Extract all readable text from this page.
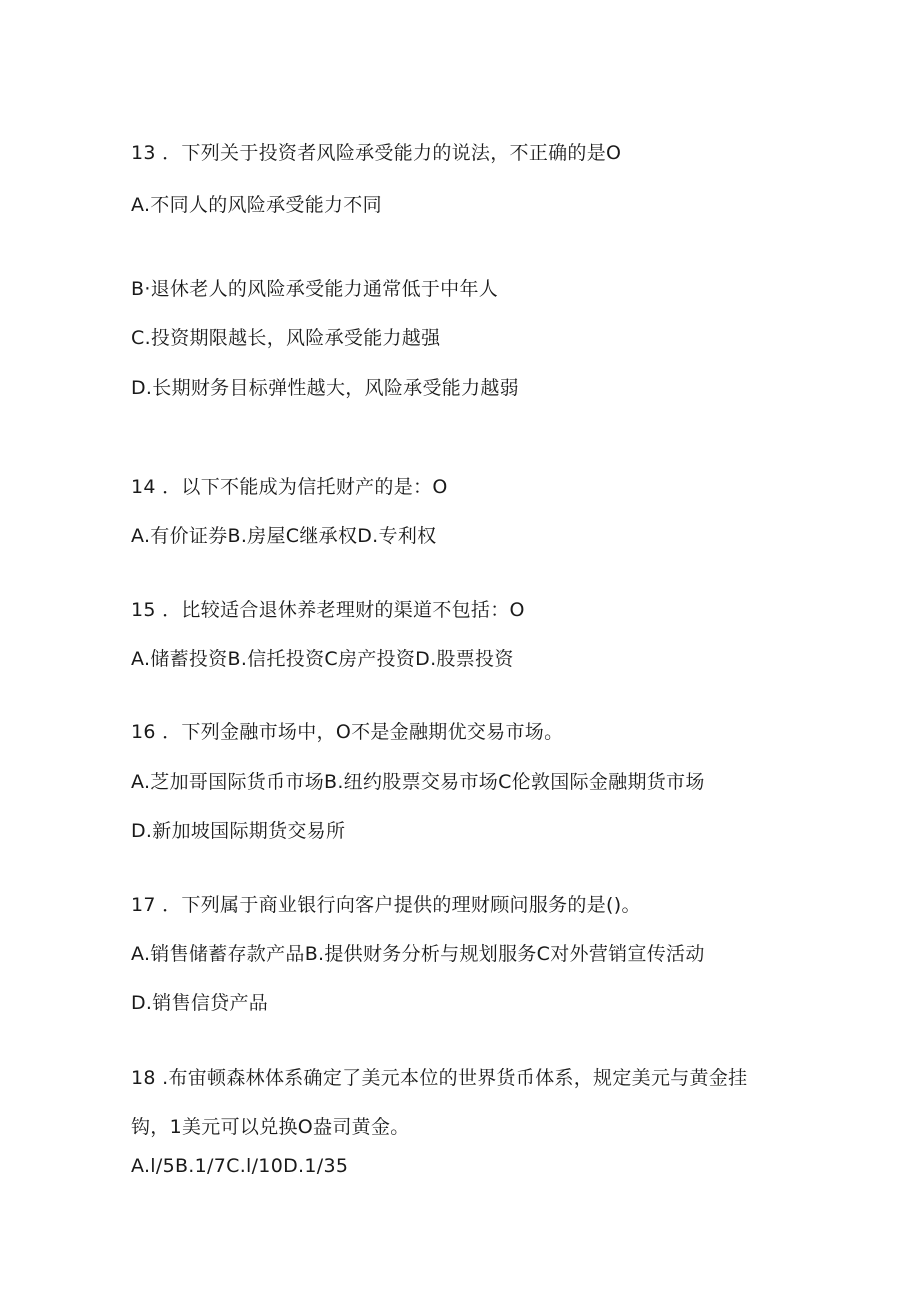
13 ．下列关于投资者风险承受能力的说法，不正确的是O
A.不同人的风险承受能力不同
B·退休老人的风险承受能力通常低于中年人
C.投资期限越长，风险承受能力越强
D.长期财务目标弹性越大，风险承受能力越弱
14 ．以下不能成为信托财产的是：O
A.有价证券B.房屋C继承权D.专利权
15 ．比较适合退休养老理财的渠道不包括：O
A.储蓄投资B.信托投资C房产投资D.股票投资
16 ．下列金融市场中，O不是金融期优交易市场。
A.芝加哥国际货币市场B.纽约股票交易市场C伦敦国际金融期货市场
D.新加坡国际期货交易所
17 ．下列属于商业银行向客户提供的理财顾问服务的是()。
A.销售储蓄存款产品B.提供财务分析与规划服务C对外营销宣传活动
D.销售信贷产品
18 .布宙顿森林体系确定了美元本位的世界货币体系，规定美元与黄金挂
钩，1美元可以兑换O盎司黄金。
A.l/5B.1/7C.l/10D.1/35
